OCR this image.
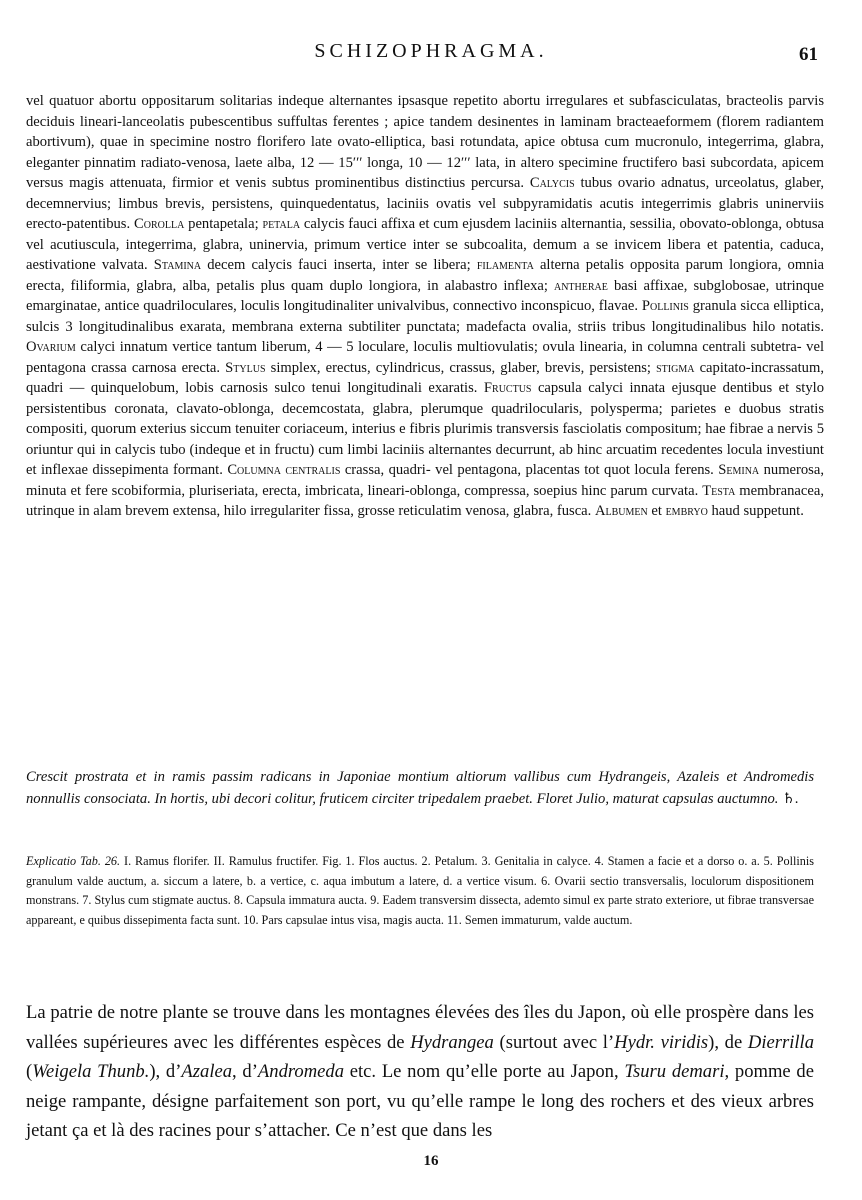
SCHIZOPHRAGMA.	61
vel quatuor abortu oppositarum solitarias indeque alternantes ipsasque repetito abortu irregulares et subfasciculatas, bracteolis parvis deciduis lineari-lanceolatis pubescentibus suffultas ferentes ; apice tandem desinentes in laminam bracteaeformem (florem radiantem abortivum), quae in specimine nostro florifero late ovato-elliptica, basi rotundata, apice obtusa cum mucronulo, integerrima, glabra, eleganter pinnatim radiato-venosa, laete alba, 12 — 15′′′ longa, 10 — 12′′′ lata, in altero specimine fructifero basi subcordata, apicem versus magis attenuata, firmior et venis subtus prominentibus distinctius percursa. Calycis tubus ovario adnatus, urceolatus, glaber, decemnervius; limbus brevis, persistens, quinquedentatus, laciniis ovatis vel subpyramidatis acutis integerrimis glabris uninerviis erecto-patentibus. Corolla pentapetala; petala calycis fauci affixa et cum ejusdem laciniis alternantia, sessilia, obovato-oblonga, obtusa vel acutiuscula, integerrima, glabra, uninervia, primum vertice inter se subcoalita, demum a se invicem libera et patentia, caduca, aestivatione valvata. Stamina decem calycis fauci inserta, inter se libera; filamenta alterna petalis opposita parum longiora, omnia erecta, filiformia, glabra, alba, petalis plus quam duplo longiora, in alabastro inflexa; antherae basi affixae, subglobosae, utrinque emarginatae, antice quadriloculares, loculis longitudinaliter univalvibus, connectivo inconspicuo, flavae. Pollinis granula sicca elliptica, sulcis 3 longitudinalibus exarata, membrana externa subtiliter punctata; madefacta ovalia, striis tribus longitudinalibus hilo notatis. Ovarium calyci innatum vertice tantum liberum, 4 — 5 loculare, loculis multiovulatis; ovula linearia, in columna centrali subtetra- vel pentagona crassa carnosa erecta. Stylus simplex, erectus, cylindricus, crassus, glaber, brevis, persistens; stigma capitato-incrassatum, quadri — quinquelobum, lobis carnosis sulco tenui longitudinali exaratis. Fructus capsula calyci innata ejusque dentibus et stylo persistentibus coronata, clavato-oblonga, decemcostata, glabra, plerumque quadrilocularis, polysperma; parietes e duobus stratis compositi, quorum exterius siccum tenuiter coriaceum, interius e fibris plurimis transversis fasciolatis compositum; hae fibrae a nervis 5 oriuntur qui in calycis tubo (indeque et in fructu) cum limbi laciniis alternantes decurrunt, ab hinc arcuatim recedentes locula investiunt et inflexae dissepimenta formant. Columna centralis crassa, quadri- vel pentagona, placentas tot quot locula ferens. Semina numerosa, minuta et fere scobiformia, pluriseriata, erecta, imbricata, lineari-oblonga, compressa, soepius hinc parum curvata. Testa membranacea, utrinque in alam brevem extensa, hilo irregulariter fissa, grosse reticulatim venosa, glabra, fusca. Albumen et embryo haud suppetunt.
Crescit prostrata et in ramis passim radicans in Japoniae montium altiorum vallibus cum Hydrangeis, Azaleis et Andromedis nonnullis consociata. In hortis, ubi decori colitur, fruticem circiter tripedalem praebet. Floret Julio, maturat capsulas auctumno. ♄.
Explicatio Tab. 26. I. Ramus florifer. II. Ramulus fructifer. Fig. 1. Flos auctus. 2. Petalum. 3. Genitalia in calyce. 4. Stamen a facie et a dorso o. a. 5. Pollinis granulum valde auctum, a. siccum a latere, b. a vertice, c. aqua imbutum a latere, d. a vertice visum. 6. Ovarii sectio transversalis, loculorum dispositionem monstrans. 7. Stylus cum stigmate auctus. 8. Capsula immatura aucta. 9. Eadem transversim dissecta, ademto simul ex parte strato exteriore, ut fibrae transversae appareant, e quibus dissepimenta facta sunt. 10. Pars capsulae intus visa, magis aucta. 11. Semen immaturum, valde auctum.
La patrie de notre plante se trouve dans les montagnes élevées des îles du Japon, où elle prospère dans les vallées supérieures avec les différentes espèces de Hydrangea (surtout avec l’Hydr. viridis), de Dierrilla (Weigela Thunb.), d’Azalea, d’Andromeda etc. Le nom qu’elle porte au Japon, Tsuru demari, pomme de neige rampante, désigne parfaitement son port, vu qu’elle rampe le long des rochers et des vieux arbres jetant ça et là des racines pour s’attacher. Ce n’est que dans les
16
